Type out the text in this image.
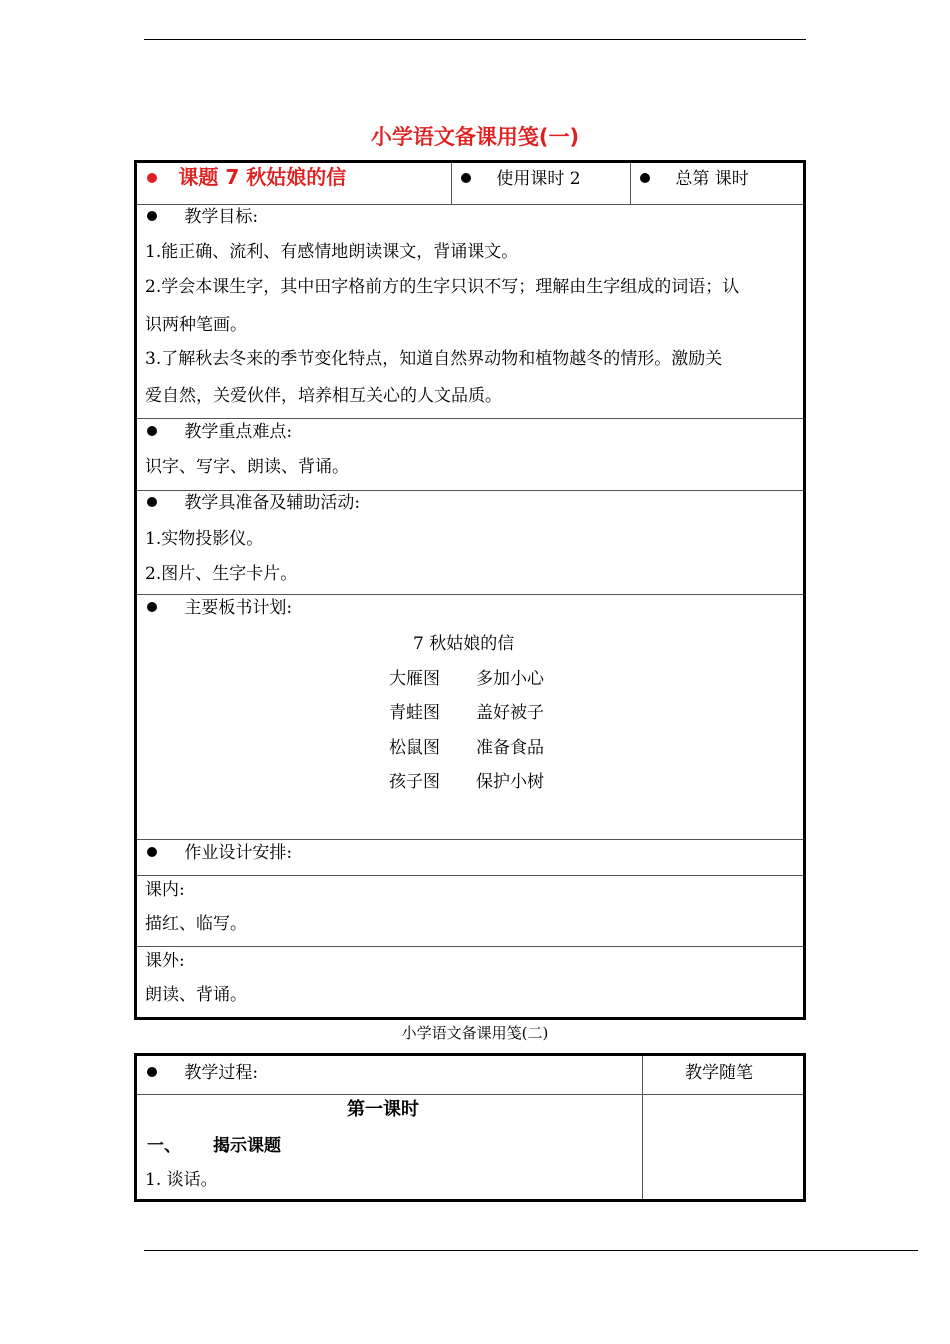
小学语文备课用笺(一)
课题 7 秋姑娘的信	使用课时 2	总第 课时
教学目标:
1.能正确、流利、有感情地朗读课文，背诵课文。
2.学会本课生字，其中田字格前方的生字只识不写；理解由生字组成的词语；认
识两种笔画。
3.了解秋去冬来的季节变化特点，知道自然界动物和植物越冬的情形。激励关
爱自然，关爱伙伴，培养相互关心的人文品质。
教学重点难点:
识字、写字、朗读、背诵。
教学具准备及辅助活动:
1.实物投影仪。
2.图片、生字卡片。
主要板书计划:
7 秋姑娘的信
大雁图 多加小心
青蛙图 盖好被子
松鼠图 准备食品
孩子图 保护小树
作业设计安排:
课内:
描红、临写。
课外:
朗读、背诵。
小学语文备课用笺(二)
教学过程:	教学随笔
第一课时
一、 揭示课题
1. 谈话。
